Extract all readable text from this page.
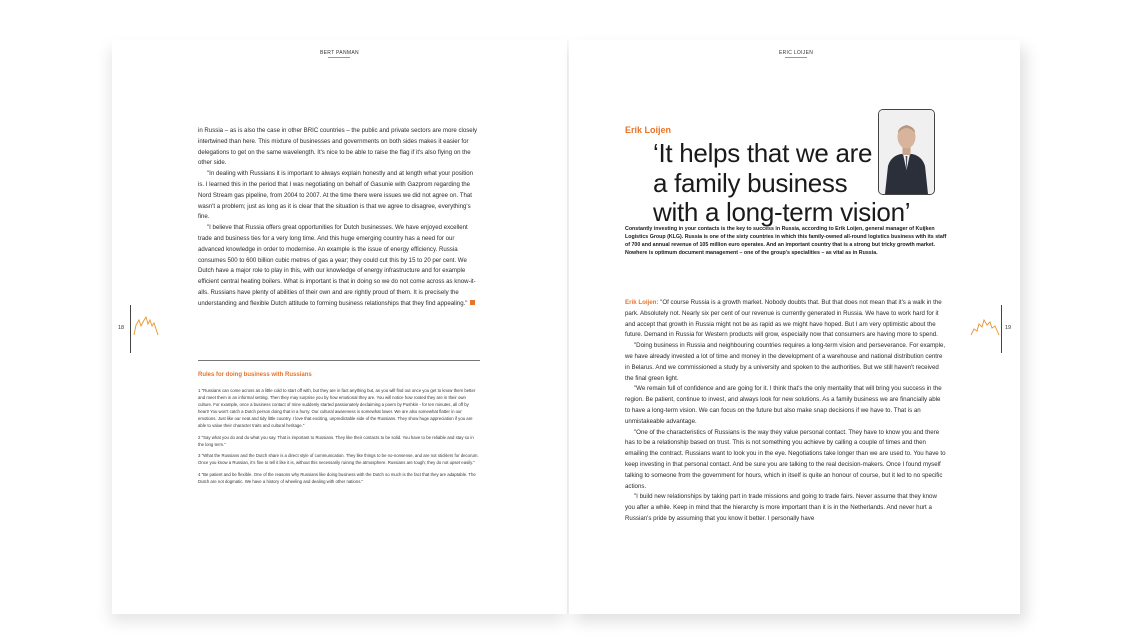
BERT PANMAN

in Russia – as is also the case in other BRIC countries – the public and private sectors are more closely intertwined than here. This mixture of businesses and governments on both sides makes it easier for delegations to get on the same wavelength. It's nice to be able to raise the flag if it's also flying on the other side.

"In dealing with Russians it is important to always explain honestly and at length what your position is. I learned this in the period that I was negotiating on behalf of Gasunie with Gazprom regarding the Nord Stream gas pipeline, from 2004 to 2007. At the time there were issues we did not agree on. That wasn't a problem; just as long as it is clear that the situation is that we agree to disagree, everything's fine.

"I believe that Russia offers great opportunities for Dutch businesses. We have enjoyed excellent trade and business ties for a very long time. And this huge emerging country has a need for our advanced knowledge in order to modernise. An example is the issue of energy efficiency. Russia consumes 500 to 600 billion cubic metres of gas a year; they could cut this by 15 to 20 per cent. We Dutch have a major role to play in this, with our knowledge of energy infrastructure and for example efficient central heating boilers. What is important is that in doing so we do not come across as know-it-alls. Russians have plenty of abilities of their own and are rightly proud of them. It is precisely the understanding and flexible Dutch attitude to forming business relationships that they find appealing."

18
Rules for doing business with Russians

1 "Russians can come across as a little cold to start off with, but they are in fact anything but, as you will find out once you get to know them better and meet them in an informal setting. Then they may surprise you by how emotional they are. You will notice how rooted they are in their own culture. For example, once a business contact of mine suddenly started passionately declaiming a poem by Pushkin - for ten minutes, all off by heart! You won't catch a Dutch person doing that in a hurry. Our cultural awareness is somewhat lower. We are also somewhat flatter in our emotions. Just like our neat and tidy little country. I love that exciting, unpredictable side of the Russians. They show huge appreciation if you are able to value their character traits and cultural heritage."

2 "Say what you do and do what you say. That is important to Russians. They like their contacts to be solid. You have to be reliable and stay so in the long term."

3 "What the Russians and the Dutch share is a direct style of communication. They like things to be no-nonsense, and are not sticklers for decorum. Once you know a Russian, it's fine to tell it like it is, without this necessarily ruining the atmosphere. Russians are tough; they do not upset easily."

4 "Be patient and be flexible. One of the reasons why Russians like doing business with the Dutch so much is the fact that they are adaptable. The Dutch are not dogmatic. We have a history of wheeling and dealing with other nations."

ERIC LOIJEN
Erik Loijen
‘It helps that we are
a family business
with a long-term vision’
Constantly investing in your contacts is the key to success in Russia, according to Erik Loijen, general manager of Kuijken Logistics Group (KLG). Russia is one of the sixty countries in which this family-owned all-round logistics business with its staff of 700 and annual revenue of 105 million euro operates. And an important country that is a strong but tricky growth market. Nowhere is optimum document management – one of the group's specialities – as vital as in Russia.

Erik Loijen: "Of course Russia is a growth market. Nobody doubts that. But that does not mean that it's a walk in the park. Absolutely not. Nearly six per cent of our revenue is currently generated in Russia. We have to work hard for it and accept that growth in Russia might not be as rapid as we might have hoped. But I am very optimistic about the future. Demand in Russia for Western products will grow, especially now that consumers are having more to spend.

"Doing business in Russia and neighbouring countries requires a long-term vision and perseverance. For example, we have already invested a lot of time and money in the development of a warehouse and national distribution centre in Belarus. And we commissioned a study by a university and spoken to the authorities. But we still haven't received the final green light.

"We remain full of confidence and are going for it. I think that's the only mentality that will bring you success in the region. Be patient, continue to invest, and always look for new solutions. As a family business we are financially able to have a long-term vision. We can focus on the future but also make snap decisions if we have to. That is an unmistakeable advantage.

"One of the characteristics of Russians is the way they value personal contact. They have to know you and there has to be a relationship based on trust. This is not something you achieve by calling a couple of times and then emailing the contract. Russians want to look you in the eye. Negotiations take longer than we are used to. You have to keep investing in that personal contact. And be sure you are talking to the real decision-makers. Once I found myself talking to someone from the government for hours, which in itself is quite an honour of course, but it led to no specific actions.

"I build new relationships by taking part in trade missions and going to trade fairs. Never assume that they know you after a while. Keep in mind that the hierarchy is more important than it is in the Netherlands. And never hurt a Russian's pride by assuming that you know it better. I personally have

19
